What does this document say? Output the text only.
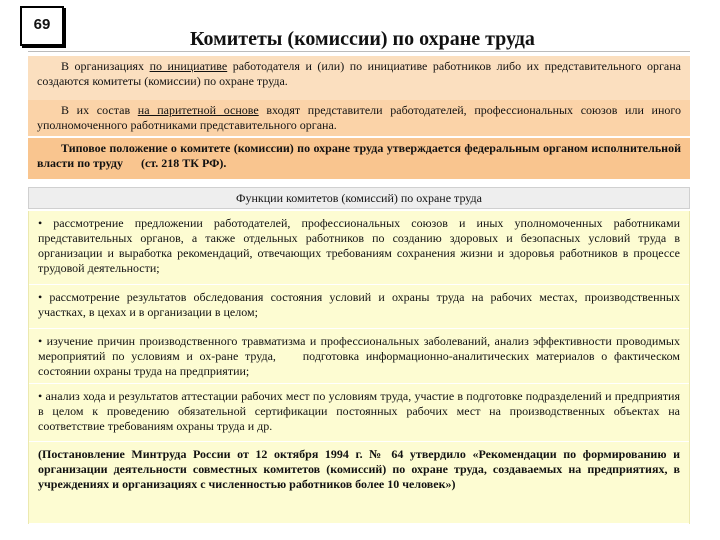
69
Комитеты (комиссии) по охране труда
В организациях по инициативе работодателя и (или) по инициативе работников либо их представительного органа создаются комитеты (комиссии) по охране труда.
В их состав на паритетной основе входят представители работодателей, профессиональных союзов или иного уполномоченного работниками представительного органа.
Типовое положение о комитете (комиссии) по охране труда утверждается федеральным органом исполнительной власти по труду      (ст. 218 ТК РФ).
Функции комитетов (комиссий) по охране труда
• рассмотрение предложении работодателей, профессиональных союзов и иных уполномоченных работниками представительных органов, а также отдельных работников по созданию здоровых и безопасных условий труда в организации и выработка рекомендаций, отвечающих требованиям сохранения жизни и здоровья работников в процессе трудовой деятельности;
• рассмотрение результатов обследования состояния условий и охраны труда на рабочих местах, производственных участках, в цехах и в организации в целом;
• изучение причин производственного травматизма и профессиональных заболеваний, анализ эффективности проводимых мероприятий по условиям и ох-ране труда,    подготовка информационно-аналитических материалов о фактическом состоянии охраны труда на предприятии;
• анализ хода и результатов аттестации рабочих мест по условиям труда, участие в подготовке подразделений и предприятия в целом к проведению обязательной сертификации постоянных рабочих мест на производственных объектах на соответствие требованиям охраны труда и др.
(Постановление Минтруда России от 12 октября 1994 г. № 64 утвердило «Рекомендации по формированию и организации деятельности совместных комитетов (комиссий) по охране труда, создаваемых на предприятиях, в учреждениях и организациях с численностью работников более 10 человек»)
